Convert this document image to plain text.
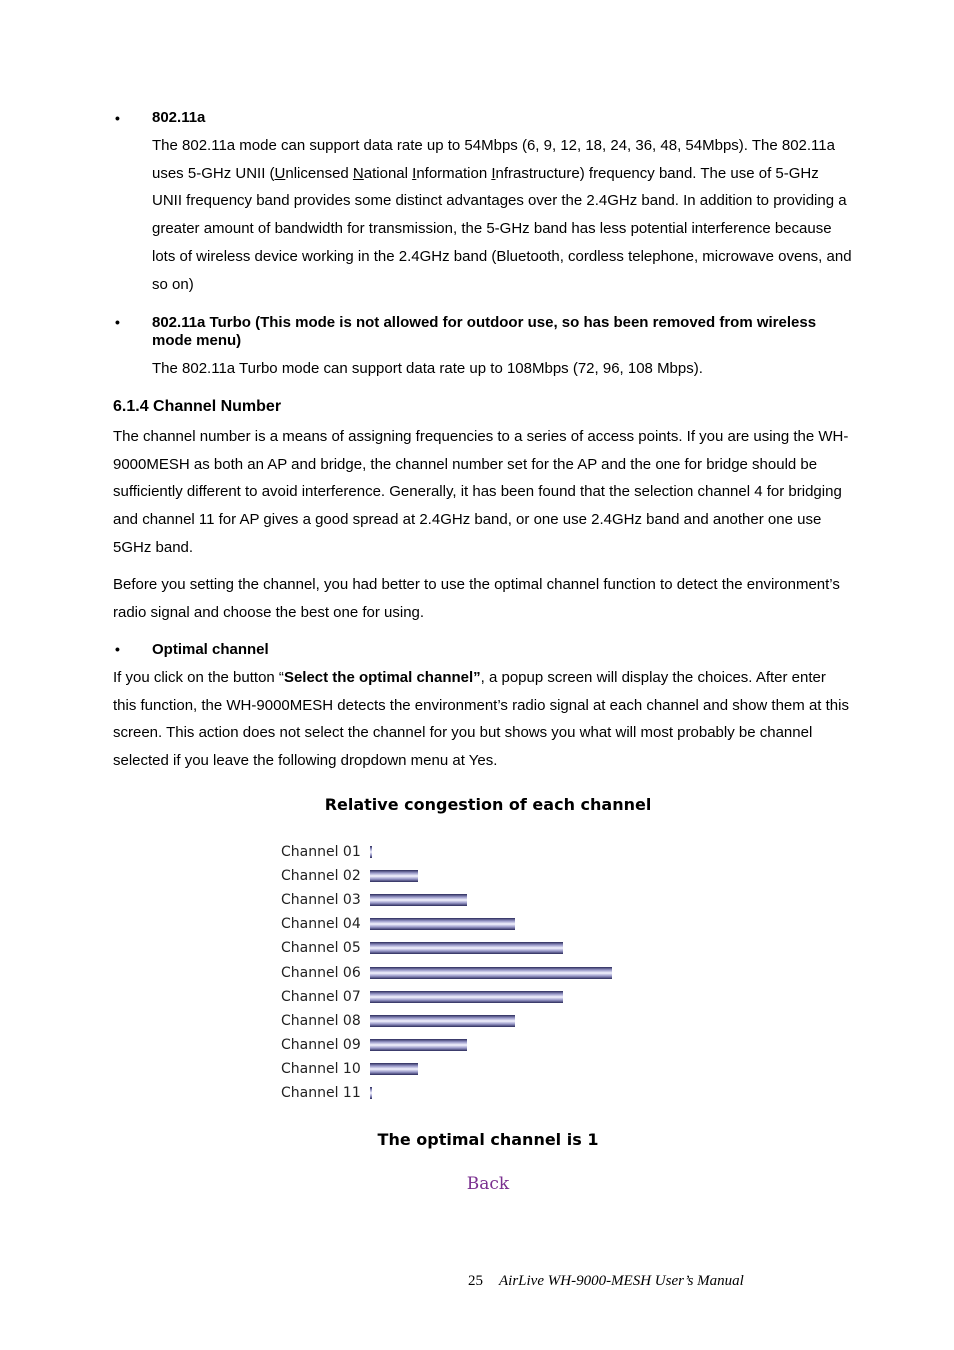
• 802.11a
The 802.11a mode can support data rate up to 54Mbps (6, 9, 12, 18, 24, 36, 48, 54Mbps). The 802.11a uses 5-GHz UNII (Unlicensed National Information Infrastructure) frequency band. The use of 5-GHz UNII frequency band provides some distinct advantages over the 2.4GHz band. In addition to providing a greater amount of bandwidth for transmission, the 5-GHz band has less potential interference because lots of wireless device working in the 2.4GHz band (Bluetooth, cordless telephone, microwave ovens, and so on)
• 802.11a Turbo (This mode is not allowed for outdoor use, so has been removed from wireless mode menu)
The 802.11a Turbo mode can support data rate up to 108Mbps (72, 96, 108 Mbps).
6.1.4 Channel Number
The channel number is a means of assigning frequencies to a series of access points. If you are using the WH-9000MESH as both an AP and bridge, the channel number set for the AP and the one for bridge should be sufficiently different to avoid interference. Generally, it has been found that the selection channel 4 for bridging and channel 11 for AP gives a good spread at 2.4GHz band, or one use 2.4GHz band and another one use 5GHz band.
Before you setting the channel, you had better to use the optimal channel function to detect the environment’s radio signal and choose the best one for using.
• Optimal channel
If you click on the button “Select the optimal channel”, a popup screen will display the choices. After enter this function, the WH-9000MESH detects the environment’s radio signal at each channel and show them at this screen. This action does not select the channel for you but shows you what will most probably be channel selected if you leave the following dropdown menu at Yes.
Relative congestion of each channel
Channel 01
Channel 02
Channel 03
Channel 04
Channel 05
Channel 06
Channel 07
Channel 08
Channel 09
Channel 10
Channel 11
The optimal channel is 1
Back
25 AirLive WH-9000-MESH User’s Manual
